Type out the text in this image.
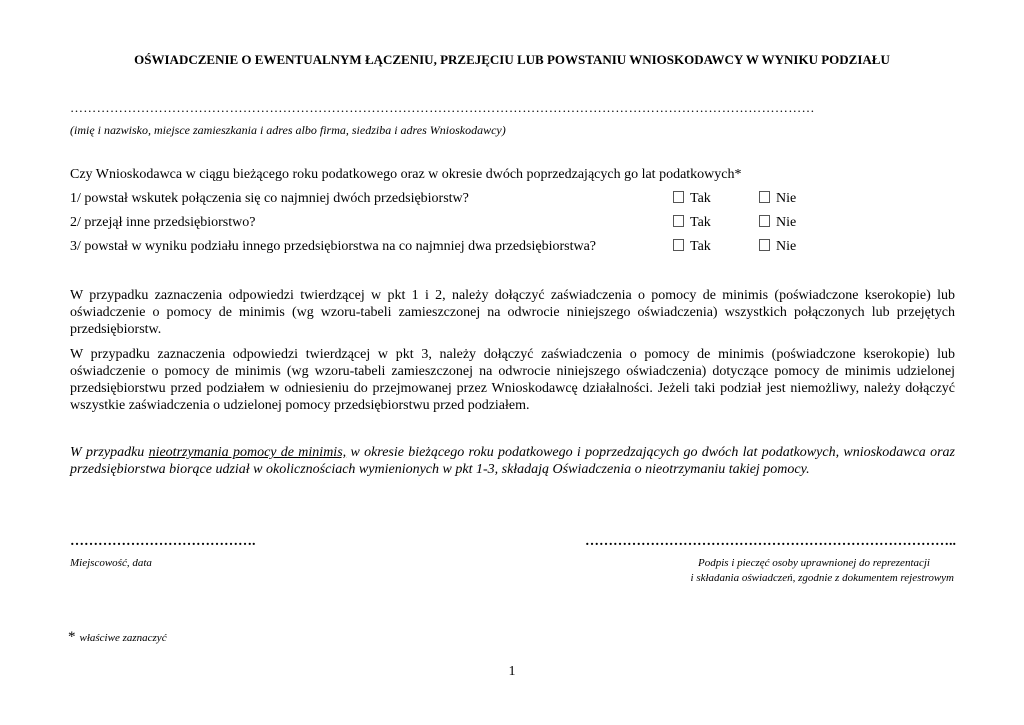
OŚWIADCZENIE O EWENTUALNYM ŁĄCZENIU, PRZEJĘCIU LUB POWSTANIU WNIOSKODAWCY W WYNIKU PODZIAŁU
……………………………………………………………………………………………………………………………………………………
(imię i nazwisko, miejsce zamieszkania i adres albo firma, siedziba i adres Wnioskodawcy)
Czy Wnioskodawca w ciągu bieżącego roku podatkowego oraz w okresie dwóch poprzedzających go lat podatkowych*
1/ powstał wskutek połączenia się co najmniej dwóch przedsiębiorstw?	Tak	Nie
2/ przejął inne przedsiębiorstwo?	Tak	Nie
3/ powstał w wyniku podziału innego przedsiębiorstwa na co najmniej dwa przedsiębiorstwa?	Tak	Nie
W przypadku zaznaczenia odpowiedzi twierdzącej w pkt 1 i 2, należy dołączyć zaświadczenia o pomocy de minimis (poświadczone kserokopie) lub oświadczenie o pomocy de minimis (wg wzoru-tabeli zamieszczonej na odwrocie niniejszego oświadczenia) wszystkich połączonych lub przejętych przedsiębiorstw.
W przypadku zaznaczenia odpowiedzi twierdzącej w pkt 3, należy dołączyć zaświadczenia o pomocy de minimis (poświadczone kserokopie) lub oświadczenie o pomocy de minimis (wg wzoru-tabeli zamieszczonej na odwrocie niniejszego oświadczenia) dotyczące pomocy de minimis udzielonej przedsiębiorstwu przed podziałem w odniesieniu do przejmowanej przez Wnioskodawcę działalności. Jeżeli taki podział jest niemożliwy, należy dołączyć wszystkie zaświadczenia o udzielonej pomocy przedsiębiorstwu przed podziałem.
W przypadku nieotrzymania pomocy de minimis, w okresie bieżącego roku podatkowego i poprzedzających go dwóch lat podatkowych, wnioskodawca oraz przedsiębiorstwa biorące udział w okolicznościach wymienionych w pkt 1-3, składają Oświadczenia o nieotrzymaniu takiej pomocy.
………………………………….	……………………………………………………………………..
Miejscowość, data	Podpis i pieczęć osoby uprawnionej do reprezentacji
i składania oświadczeń, zgodnie z dokumentem rejestrowym
* właściwe zaznaczyć
1
